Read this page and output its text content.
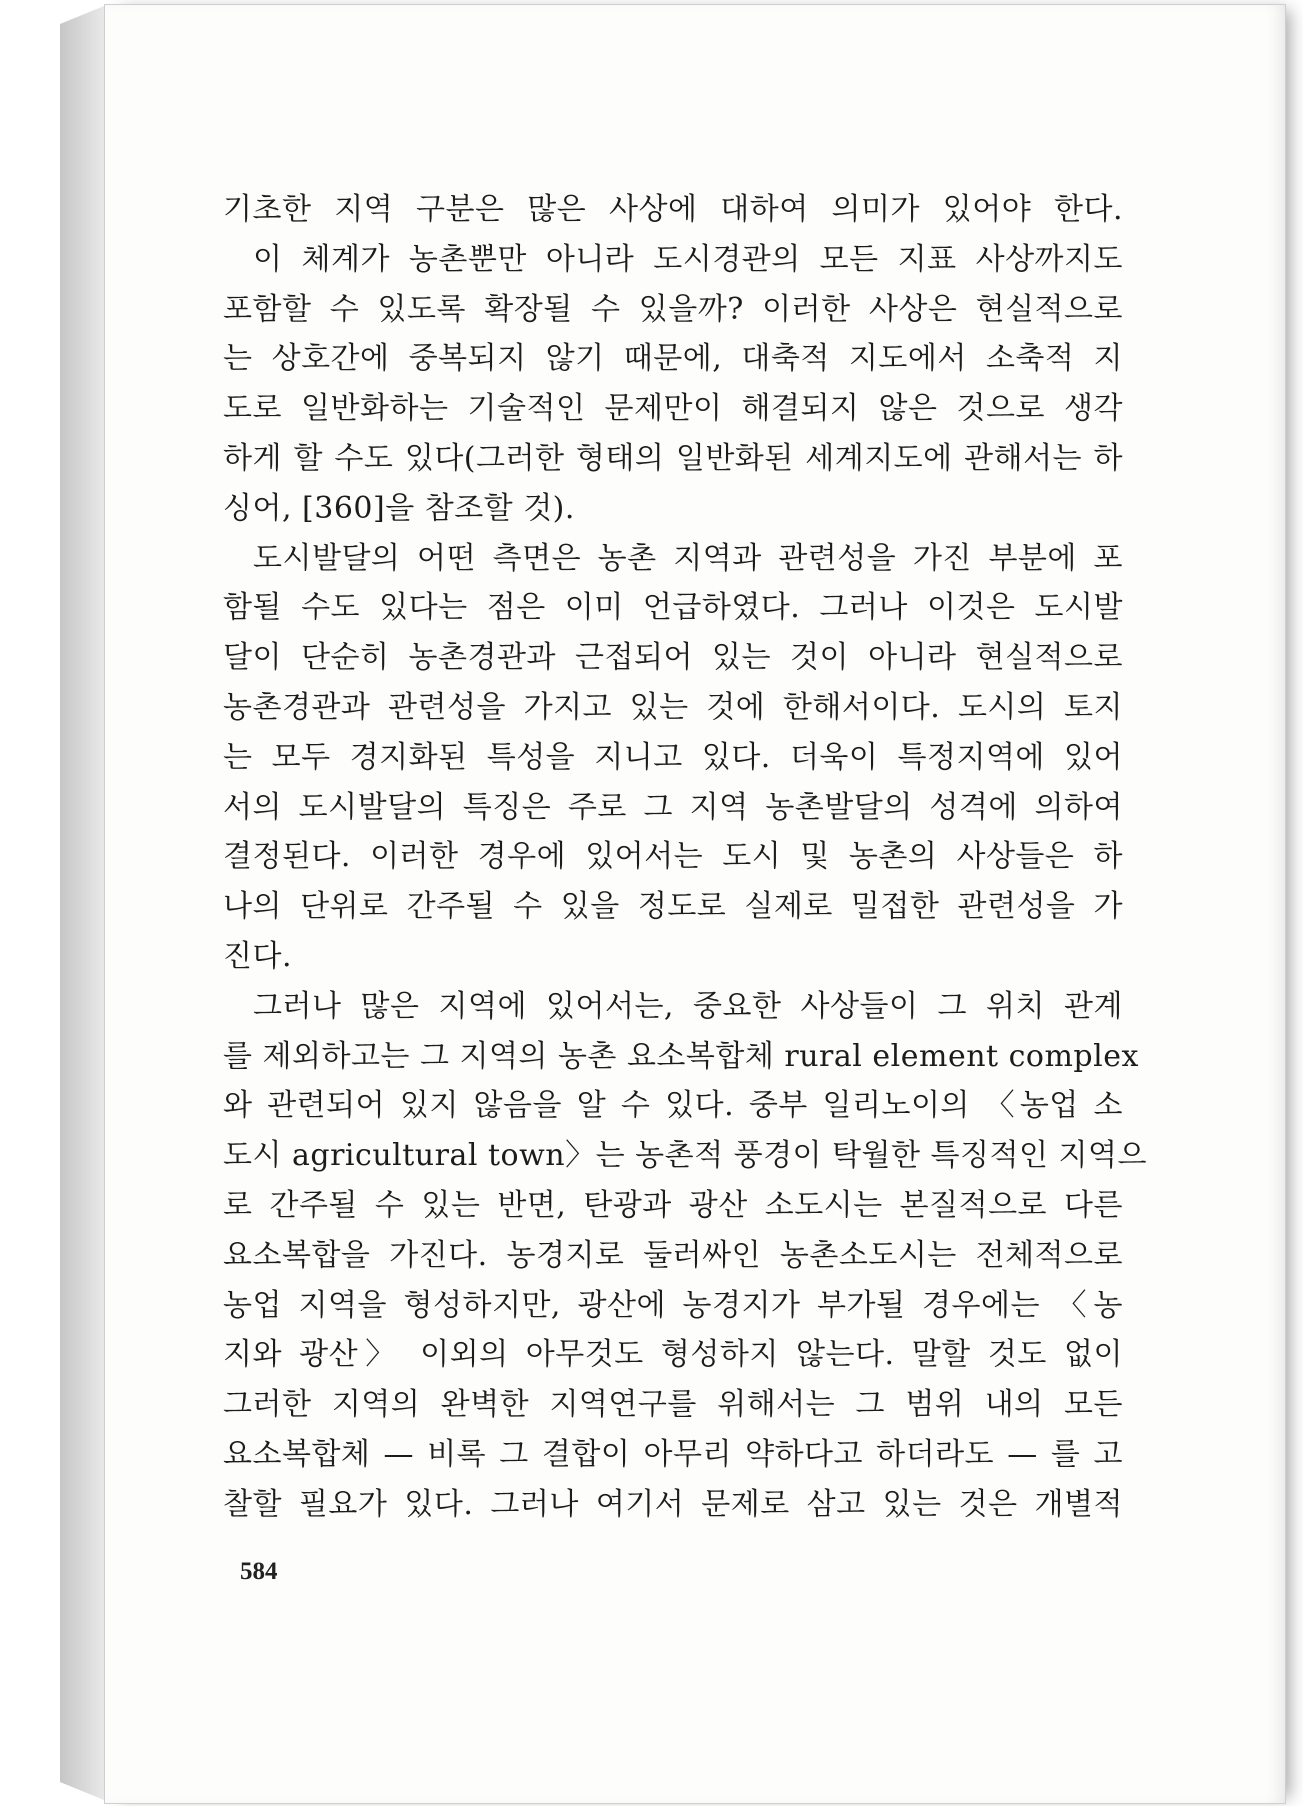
기초한 지역 구분은 많은 사상에 대하여 의미가 있어야 한다.
이 체계가 농촌뿐만 아니라 도시경관의 모든 지표 사상까지도
포함할 수 있도록 확장될 수 있을까? 이러한 사상은 현실적으로
는 상호간에 중복되지 않기 때문에, 대축적 지도에서 소축적 지
도로 일반화하는 기술적인 문제만이 해결되지 않은 것으로 생각
하게 할 수도 있다(그러한 형태의 일반화된 세계지도에 관해서는 하
싱어, [360]을 참조할 것).
도시발달의 어떤 측면은 농촌 지역과 관련성을 가진 부분에 포
함될 수도 있다는 점은 이미 언급하였다. 그러나 이것은 도시발
달이 단순히 농촌경관과 근접되어 있는 것이 아니라 현실적으로
농촌경관과 관련성을 가지고 있는 것에 한해서이다. 도시의 토지
는 모두 경지화된 특성을 지니고 있다. 더욱이 특정지역에 있어
서의 도시발달의 특징은 주로 그 지역 농촌발달의 성격에 의하여
결정된다. 이러한 경우에 있어서는 도시 및 농촌의 사상들은 하
나의 단위로 간주될 수 있을 정도로 실제로 밀접한 관련성을 가
진다.
그러나 많은 지역에 있어서는, 중요한 사상들이 그 위치 관계
를 제외하고는 그 지역의 농촌 요소복합체 rural element complex
와 관련되어 있지 않음을 알 수 있다. 중부 일리노이의 〈농업 소
도시 agricultural town〉는 농촌적 풍경이 탁월한 특징적인 지역으
로 간주될 수 있는 반면, 탄광과 광산 소도시는 본질적으로 다른
요소복합을 가진다. 농경지로 둘러싸인 농촌소도시는 전체적으로
농업 지역을 형성하지만, 광산에 농경지가 부가될 경우에는 〈농
지와 광산〉 이외의 아무것도 형성하지 않는다. 말할 것도 없이
그러한 지역의 완벽한 지역연구를 위해서는 그 범위 내의 모든
요소복합체 — 비록 그 결합이 아무리 약하다고 하더라도 — 를 고
찰할 필요가 있다. 그러나 여기서 문제로 삼고 있는 것은 개별적
584
